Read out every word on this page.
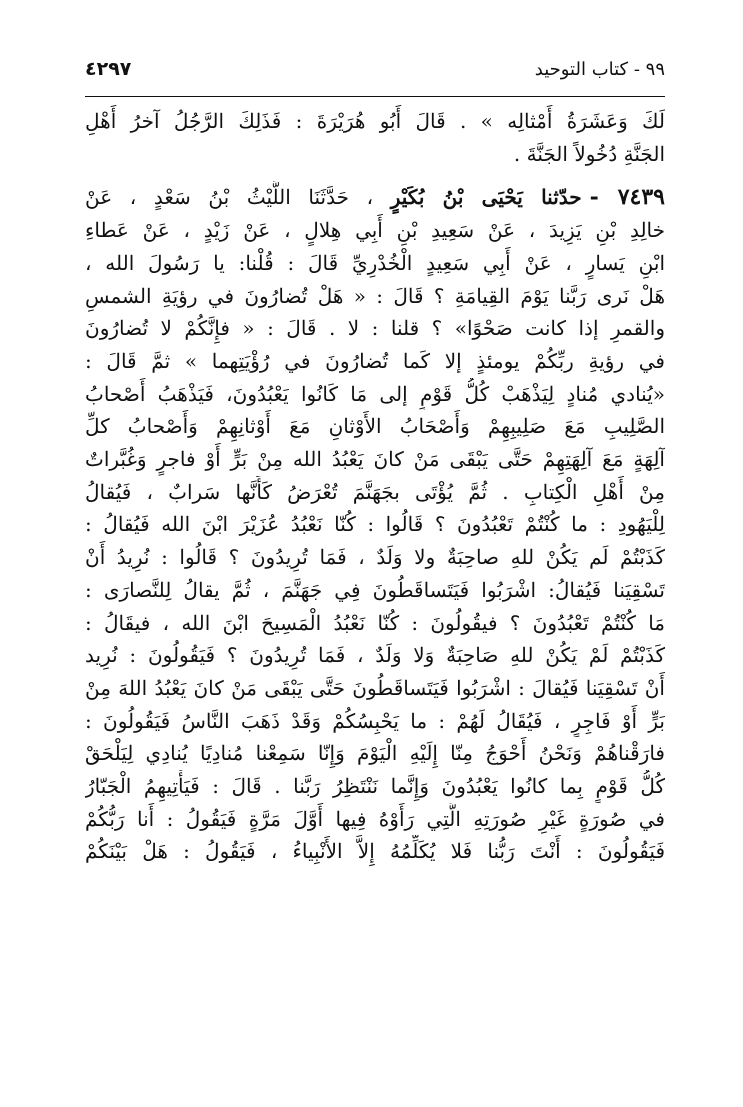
٩٩ - كتاب التوحيد
٤٢٩٧
لَكَ وَعَشَرَةُ أَمْثالِه » . قَالَ أَبُو هُرَيْرَةَ : فَذَلِكَ الرَّجُلُ آخرُ أَهْلِ
الجَنَّةِ دُخُولاً الجَنَّةَ .
٧٤٣٩ -حدّثنا يَحْيَى بْنُ بُكَيْرٍ ، حَدَّثَنَا اللَّيْثُ بْنُ سَعْدٍ ، عَنْ
خالِدِ بْنِ يَزِيدَ ، عَنْ سَعِيدِ بْنِ أَبِي هِلالٍ ، عَنْ زَيْدٍ ، عَنْ عَطاءِ
ابْنِ يَسارٍ ، عَنْ أَبِي سَعِيدٍ الْخُدْرِيِّ قَالَ : قُلْنا: يا رَسُولَ الله ،
هَلْ نَرى رَبَّنا يَوْمَ القِيامَةِ ؟ قَالَ : « هَلْ تُضارُونَ في رؤيَةِ الشمسِ
والقمرِ إذا كانت صَحْوًا» ؟ قلنا : لا . قَالَ : « فإِنَّكُمْ لا تُضارُونَ
في رؤيةِ ربِّكُمْ يومئذٍ إلا كَما تُضارُونَ في رُؤْيَتِهما » ثمَّ قَالَ :
«يُنادي مُنادٍ لِيَذْهَبْ كُلُّ قَوْمٍ إلى مَا كَانُوا يَعْبُدُونَ، فَيَذْهَبُ أَصْحابُ
الصَّلِيبِ مَعَ صَلِيبِهِمْ وَأَصْحَابُ الأَوْثانِ مَعَ أَوْثانِهِمْ وَأَصْحابُ كلِّ
آلِهَةٍ مَعَ آلِهَتِهِمْ حَتَّى يَبْقَى مَنْ كانَ يَعْبُدُ الله مِنْ بَرٍّ أَوْ فاجرٍ وَغُبَّراتٌ
مِنْ أَهْلِ الْكِتابِ . ثُمَّ يُؤْتَى بجَهَنَّمَ تُعْرَضُ كَأَنَّها سَرابٌ ، فَيُقالُ
لِلْيَهُودِ : ما كُنْتُمْ تَعْبُدُونَ ؟ قَالُوا : كُنّا نَعْبُدُ عُزَيْرَ ابْنَ الله فَيُقالُ :
كَذَبْتُمْ لَم يَكُنْ للهِ صاحِبَةٌ ولا وَلَدٌ ، فَمَا تُرِيدُونَ ؟ قَالُوا : نُرِيدُ أَنْ
تَسْقِيَنا فَيُقالُ: اشْرَبُوا فَيَتَساقَطُونَ فِي جَهَنَّمَ ، ثُمَّ يقالُ لِلنَّصارَى :
مَا كُنْتُمْ تَعْبُدُونَ ؟ فيقُولُونَ : كُنّا نَعْبُدُ الْمَسِيحَ ابْنَ الله ، فيقَالُ :
كَذَبْتُمْ لَمْ يَكُنْ للهِ صَاحِبَةٌ وَلا وَلَدٌ ، فَمَا تُرِيدُونَ ؟ فَيَقُولُونَ : نُرِيد
أَنْ تَسْقِيَنا فَيُقالَ : اشْرَبُوا فَيَتَساقَطُونَ حَتَّى يَبْقَى مَنْ كانَ يَعْبُدُ اللهَ مِنْ
بَرٍّ أَوْ فَاجِرٍ ، فَيُقَالُ لَهُمْ : ما يَحْبِسُكُمْ وَقَدْ ذَهَبَ النَّاسُ فَيَقُولُونَ :
فارَقْناهُمْ وَنَحْنُ أَحْوَجُ مِنّا إِلَيْهِ الْيَوْمَ وَإِنّا سَمِعْنا مُنادِيًا يُنادِي لِيَلْحَقْ
كُلُّ قَوْمٍ بِما كانُوا يَعْبُدُونَ وَإِنَّما نَنْتَظِرُ رَبَّنا . قَالَ : فَيَأْتِيهِمُ الْجَبّارُ
في صُورَةٍ غَيْرِ صُورَتِهِ الَّتِي رَأَوْهُ فِيها أَوَّلَ مَرَّةٍ فَيَقُولُ : أَنا رَبُّكُمْ
فَيَقُولُونَ : أَنْتَ رَبُّنا فَلا يُكَلِّمُهُ إِلاَّ الأَنْبِياءُ ، فَيَقُولُ : هَلْ بَيْنَكُمْ
